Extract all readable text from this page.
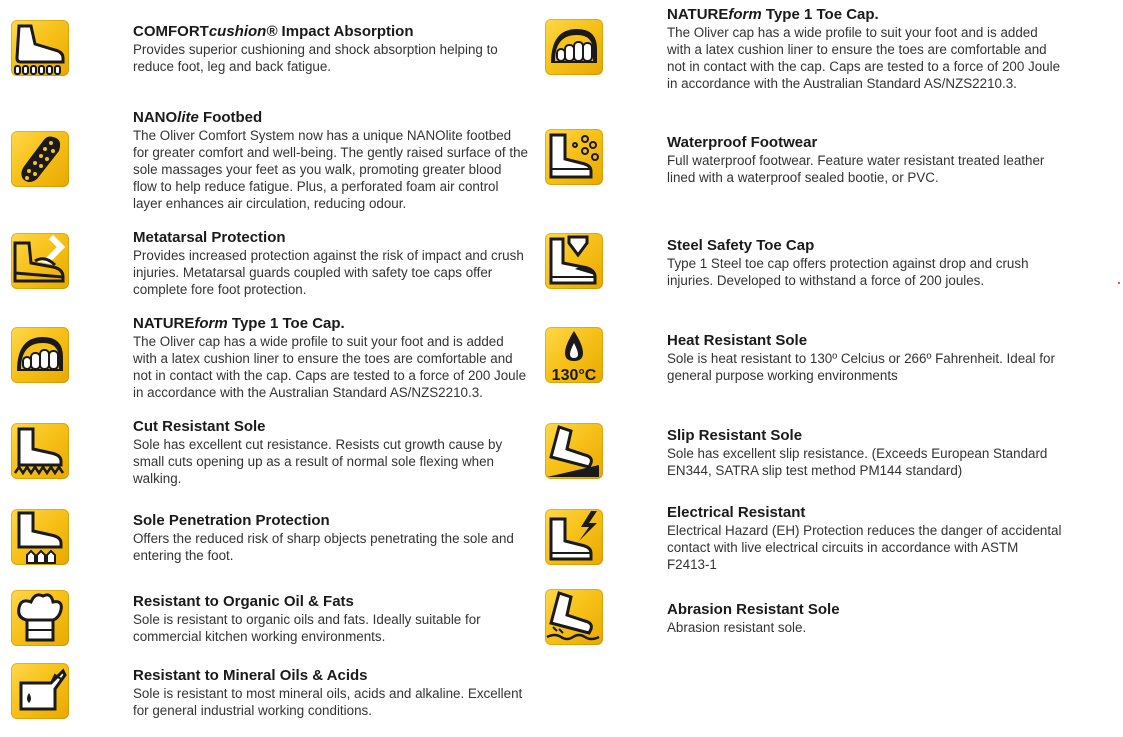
COMFORTcushion® Impact Absorption
Provides superior cushioning and shock absorption helping to reduce foot, leg and back fatigue.
NANOlite Footbed
The Oliver Comfort System now has a unique NANOlite footbed for greater comfort and well-being. The gently raised surface of the sole massages your feet as you walk, promoting greater blood flow to help reduce fatigue. Plus, a perforated foam air control layer enhances air circulation, reducing odour.
Metatarsal Protection
Provides increased protection against the risk of impact and crush injuries. Metatarsal guards coupled with safety toe caps offer complete fore foot protection.
NATUREform Type 1 Toe Cap.
The Oliver cap has a wide profile to suit your foot and is added with a latex cushion liner to ensure the toes are comfortable and not in contact with the cap. Caps are tested to a force of 200 Joule in accordance with the Australian Standard AS/NZS2210.3.
Cut Resistant Sole
Sole has excellent cut resistance. Resists cut growth cause by small cuts opening up as a result of normal sole flexing when walking.
Sole Penetration Protection
Offers the reduced risk of sharp objects penetrating the sole and entering the foot.
Resistant to Organic Oil & Fats
Sole is resistant to organic oils and fats. Ideally suitable for commercial kitchen working environments.
Resistant to Mineral Oils & Acids
Sole is resistant to most mineral oils, acids and alkaline. Excellent for general industrial working conditions.
NATUREform Type 1 Toe Cap.
The Oliver cap has a wide profile to suit your foot and is added with a latex cushion liner to ensure the toes are comfortable and not in contact with the cap. Caps are tested to a force of 200 Joule in accordance with the Australian Standard AS/NZS2210.3.
Waterproof Footwear
Full waterproof footwear. Feature water resistant treated leather lined with a waterproof sealed bootie, or PVC.
Steel Safety Toe Cap
Type 1 Steel toe cap offers protection against drop and crush injuries. Developed to withstand a force of 200 joules.
130°C
Heat Resistant Sole
Sole is heat resistant to 130º Celcius or 266º Fahrenheit. Ideal for general purpose working environments
Slip Resistant Sole
Sole has excellent slip resistance. (Exceeds European Standard EN344, SATRA slip test method PM144 standard)
Electrical Resistant
Electrical Hazard (EH) Protection reduces the danger of accidental contact with live electrical circuits in accordance with ASTM F2413-1
Abrasion Resistant Sole
Abrasion resistant sole.
